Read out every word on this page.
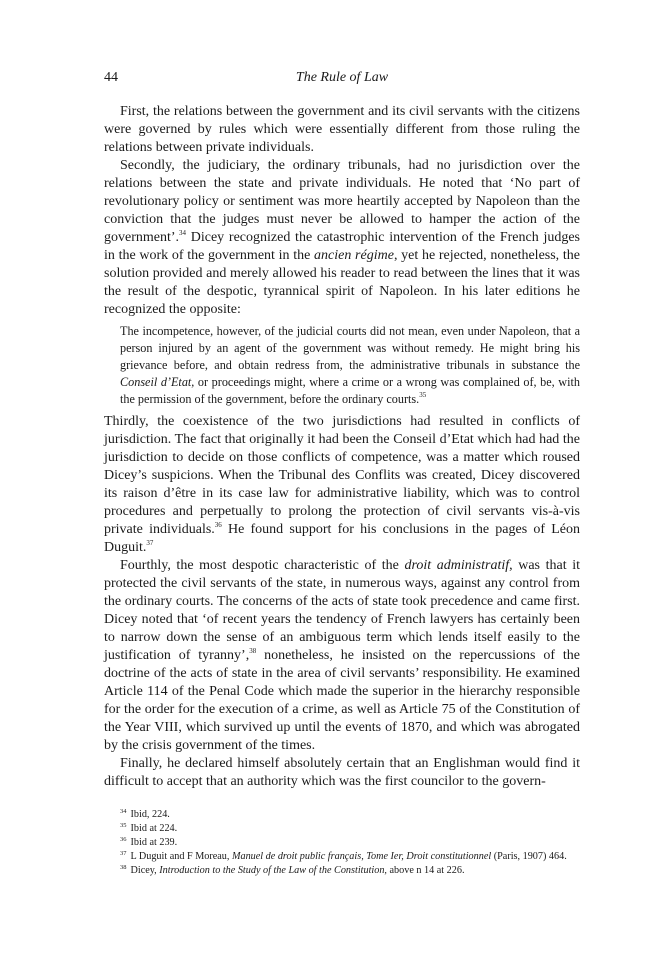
44	The Rule of Law

First, the relations between the government and its civil servants with the citizens were governed by rules which were essentially different from those ruling the relations between private individuals.

Secondly, the judiciary, the ordinary tribunals, had no jurisdiction over the relations between the state and private individuals. He noted that ‘No part of revolutionary policy or sentiment was more heartily accepted by Napoleon than the conviction that the judges must never be allowed to hamper the action of the government’.$^{34}$ Dicey recognized the catastrophic intervention of the French judges in the work of the government in the ancien régime, yet he rejected, nonetheless, the solution provided and merely allowed his reader to read between the lines that it was the result of the despotic, tyrannical spirit of Napoleon. In his later editions he recognized the opposite:

The incompetence, however, of the judicial courts did not mean, even under Napoleon, that a person injured by an agent of the government was without remedy. He might bring his grievance before, and obtain redress from, the administrative tribunals in substance the Conseil d’Etat, or proceedings might, where a crime or a wrong was complained of, be, with the permission of the government, before the ordinary courts.$^{35}$

Thirdly, the coexistence of the two jurisdictions had resulted in conflicts of jurisdiction. The fact that originally it had been the Conseil d’Etat which had had the jurisdiction to decide on those conflicts of competence, was a matter which roused Dicey’s suspicions. When the Tribunal des Conflits was created, Dicey discovered its raison d’être in its case law for administrative liability, which was to control procedures and perpetually to prolong the protection of civil servants vis-à-vis private individuals.$^{36}$ He found support for his conclusions in the pages of Léon Duguit.$^{37}$

Fourthly, the most despotic characteristic of the droit administratif, was that it protected the civil servants of the state, in numerous ways, against any control from the ordinary courts. The concerns of the acts of state took precedence and came first. Dicey noted that ‘of recent years the tendency of French lawyers has certainly been to narrow down the sense of an ambiguous term which lends itself easily to the justification of tyranny’,$^{38}$ nonetheless, he insisted on the repercussions of the doctrine of the acts of state in the area of civil servants’ responsibility. He examined Article 114 of the Penal Code which made the superior in the hierarchy responsible for the order for the execution of a crime, as well as Article 75 of the Constitution of the Year VIII, which survived up until the events of 1870, and which was abrogated by the crisis government of the times.

Finally, he declared himself absolutely certain that an Englishman would find it difficult to accept that an authority which was the first councilor to the govern-

$^{34}$ Ibid, 224.

$^{35}$ Ibid at 224.

$^{36}$ Ibid at 239.

$^{37}$ L Duguit and F Moreau, Manuel de droit public français, Tome Ier, Droit constitutionnel (Paris, 1907) 464.

$^{38}$ Dicey, Introduction to the Study of the Law of the Constitution, above n 14 at 226.
